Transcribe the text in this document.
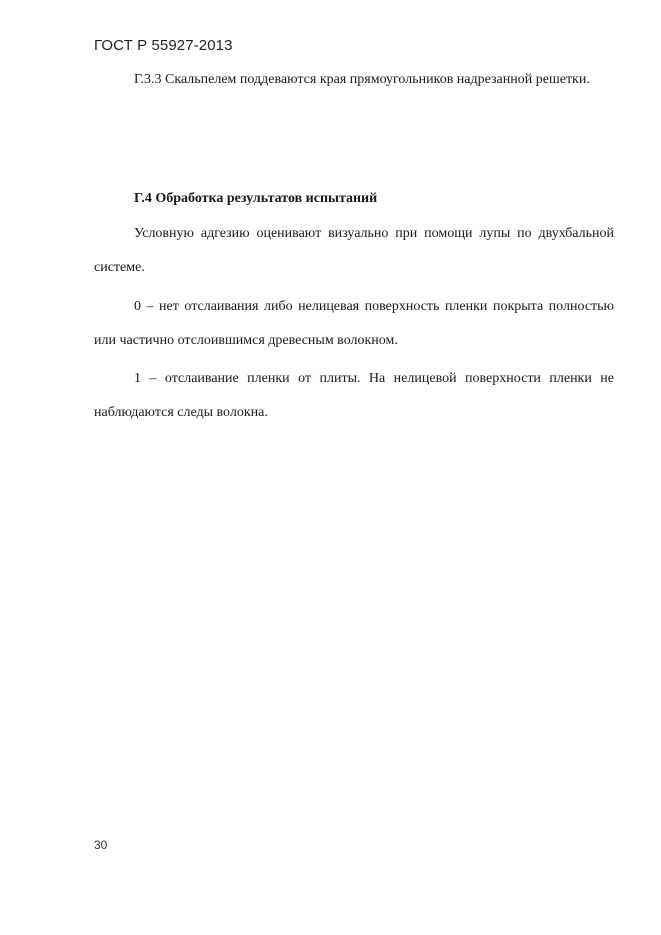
ГОСТ Р 55927-2013

Г.3.3 Скальпелем поддеваются края прямоугольников надрезанной решетки.

Г.4 Обработка результатов испытаний

Условную адгезию оценивают визуально при помощи лупы по двухбальной системе.

0 – нет отслаивания либо нелицевая поверхность пленки покрыта полностью или частично отслоившимся древесным волокном.

1 – отслаивание пленки от плиты. На нелицевой поверхности пленки не наблюдаются следы волокна.

30
